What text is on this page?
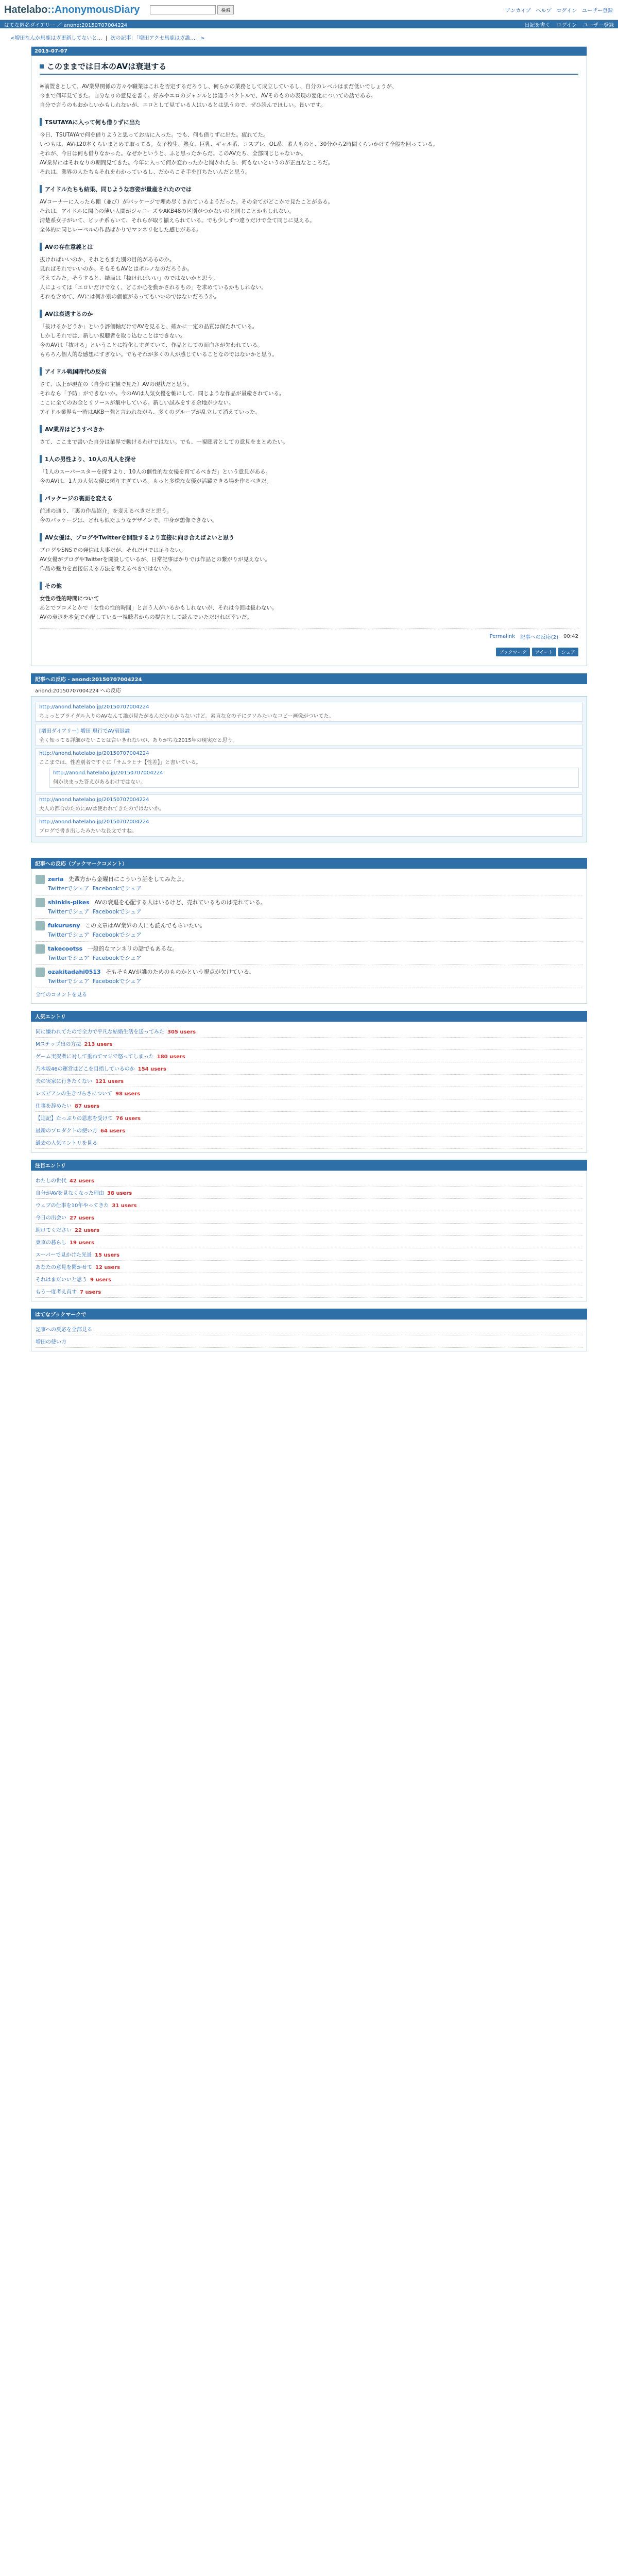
Hatelabo::AnonymousDiary	検索	アンカイブ ヘルプ ログイン ユーザー登録
はてな匿名ダイアリー ／ anond:20150707004224	日記を書く ログイン ユーザー登録
<増田なんか馬鹿はガ更新してないと…  |  次の記事：「増田アクセ馬鹿はガ誰…」>
2015-07-07
このままでは日本のAVは衰退する
※前置きとして、AV業界関係の方々や職業はこれを否定するだろうし、何らかの業務として成立しているし、自分のレベルはまだ低いでしょうが、
今まで何年見てきた。自分なりの意見を書く。好みやエロのジャンルとは違うベクトルで、AVそのものの表現の変化についての話である。
自分で言うのもおかしいかもしれないが、エロとして見ている人はいるとは思うので、ぜひ読んでほしい。長いです。
TSUTAYAに入って何も借りずに出た
今日、TSUTAYAで何を借りようと思ってお店に入った。でも、何も借りずに出た。疲れてた。
いつもは、AVは20本くらいまとめて取ってる。女子校生、熟女、巨乳、ギャル系、コスプレ、OL系、素人ものと、30分から2時間くらいかけて全般を回っている。
それが、今日は何も借りなかった。なぜかというと、ふと思ったからだ。このAVたち、全部同じじゃないか。
AV業界にはそれなりの期間見てきた。今年に入って何か変わったかと聞かれたら、何もないというのが正直なところだ。
それは、業界の人たちもそれをわかっているし、だからこそ手を打ちたいんだと思う。
アイドルたちも結果、同じような容姿が量産されたのでは
AVコーナーに入ったら棚（並び）がパッケージで埋め尽くされているようだった。その全てがどこかで見たことがある。
それは、アイドルに関心の薄い人間がジャニーズやAKB48の区別がつかないのと同じことかもしれない。
清楚系女子がいて、ビッチ系もいて、それらが取り揃えられている。でも少しずつ違うだけで全て同じに見える。
全体的に同じレーベルの作品ばかりでマンネリ化した感じがある。
AVの存在意義とは
抜ければいいのか、それともまた別の目的があるのか。
見ればそれでいいのか。そもそもAVとはポルノなのだろうか。
考えてみた。そうすると、結局は「抜ければいい」のではないかと思う。
人によっては「エロいだけでなく、どこか心を動かされるもの」を求めているかもしれない。
それも含めて、AVには何か別の価値があってもいいのではないだろうか。
AVは衰退するのか
「抜けるかどうか」という評価軸だけでAVを見ると、確かに一定の品質は保たれている。
しかしそれでは、新しい視聴者を取り込むことはできない。
今のAVは「抜ける」ということに特化しすぎていて、作品としての面白さが失われている。
もちろん個人的な感想にすぎない。でもそれが多くの人が感じていることなのではないかと思う。
アイドル戦国時代の反省
さて、以上が現在の（自分の主観で見た）AVの現状だと思う。
それなら「予防」ができないか。今のAVは人気女優を軸にして、同じような作品が量産されている。
ここに全てのお金とリソースが集中している。新しい試みをする余地が少ない。
アイドル業界も一時はAKB一強と言われながら、多くのグループが乱立して消えていった。
AV業界はどうすべきか
さて、ここまで書いた自分は業界で動けるわけではない。でも、一視聴者としての意見をまとめたい。
1人の男性より、10人の凡人を探せ
「1人のスーパースターを探すより、10人の個性的な女優を育てるべきだ」という意見がある。
今のAVは、1人の人気女優に頼りすぎている。もっと多様な女優が活躍できる場を作るべきだ。
パッケージの裏面を変える
前述の通り、「裏の作品紹介」を変えるべきだと思う。
今のパッケージは、どれも似たようなデザインで、中身が想像できない。
AV女優は、ブログやTwitterを開設するより直接に向き合えばよいと思う
ブログやSNSでの発信は大事だが、それだけでは足りない。
AV女優がブログやTwitterを開設しているが、日常記事ばかりでは作品との繋がりが見えない。
作品の魅力を直接伝える方法を考えるべきではないか。
その他
女性の性的時間について
あとでブコメとかで「女性の性的時間」と言う人がいるかもしれないが、それは今回は扱わない。
AVの衰退を本気で心配している一視聴者からの提言として読んでいただければ幸いだ。
Permalink 記事への反応(2) 00:42
ブックマーク	ツイート	シェア
記事への反応 - anond:20150707004224
anond:20150707004224 への反応
http://anond.hatelabo.jp/20150707004224
ちょっとブライダル入りのAVなんて誰が見たがるんだかわからないけど。素直な女の子にクソみたいなコピー画像がついてた。
[増田ダイアリー] 増田 現行でAV衰退論
全く知ってる詳細がないことは言いきれないが、ありがちな2015年の現実だと思う。
http://anond.hatelabo.jp/20150707004224
ここまでは、性差別者ですぐに「サムラとナ【性差】」と書いている。
http://anond.hatelabo.jp/20150707004224
何か決まった答えがあるわけではない。
http://anond.hatelabo.jp/20150707004224
大人の都合のためにAVは使われてきたのではないか。
http://anond.hatelabo.jp/20150707004224
ブログで書き出したみたいな長文ですね。
記事への反応（ブックマークコメント）
zeria 先輩方から金曜日にこういう話をしてみたよ。
Twitterでシェア Facebookでシェア
shinkis-pikes AVの衰退を心配する人はいるけど、売れているものは売れている。
Twitterでシェア Facebookでシェア
fukurusny この文章はAV業界の人にも読んでもらいたい。
Twitterでシェア Facebookでシェア
takecootss 一般的なマンネリの話でもあるな。
Twitterでシェア Facebookでシェア
ozakitadahi0513 そもそもAVが誰のためのものかという視点が欠けている。
Twitterでシェア Facebookでシェア
全てのコメントを見る
人気エントリ
同に嫌われてたので全力で平凡な結婚生活を送ってみた 305 users
Mステップ出の方法 213 users
ゲーム実況者に対して重ねてマジで怒ってしまった 180 users
乃木坂46の運営はどこを目指しているのか 154 users
夫の実家に行きたくない 121 users
レズビアンの生きづらさについて 98 users
仕事を辞めたい 87 users
【追記】たっぷりの恩恵を受けて 76 users
最新のプロダクトの使い方 64 users
過去の人気エントリを見る
注目エントリ
わたしの世代 42 users
自分がAVを見なくなった理由 38 users
ウェブの仕事を10年やってきた 31 users
今日の出会い 27 users
助けてください 22 users
東京の暮らし 19 users
スーパーで見かけた光景 15 users
あなたの意見を聞かせて 12 users
それはまだいいと思う 9 users
もう一度考え直す 7 users
はてなブックマークで
記事への反応を全部見る
増田の使い方
